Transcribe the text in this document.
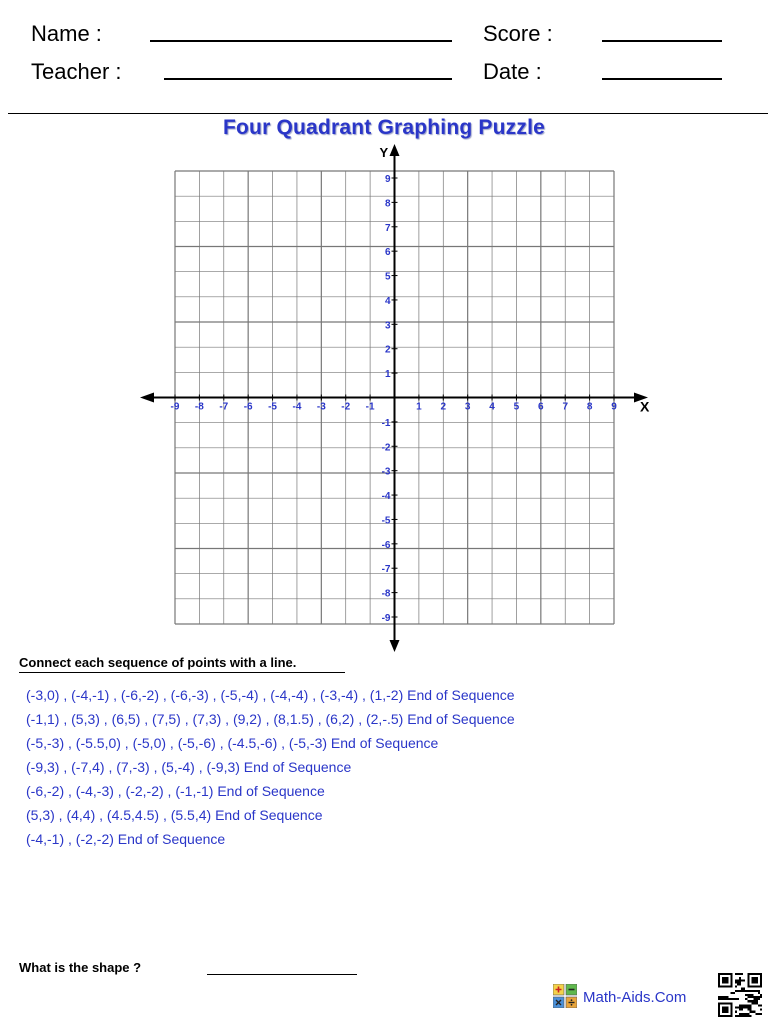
Name :
Teacher :
Score :
Date :
Four Quadrant Graphing Puzzle
-9 -8 -7 -6 -5 -4 -3 -2 -1	1 2 3 4 5 6 7 8 9
-9
-8
-7
-6
-5
-4
-3
-2
-1
1
2
3
4
5
6
7
8
9
X
Y
Connect each sequence of points with a line.
(-3,0) , (-4,-1) , (-6,-2) , (-6,-3) , (-5,-4) , (-4,-4) , (-3,-4) , (1,-2) End of Sequence
(-1,1) , (5,3) , (6,5) , (7,5) , (7,3) , (9,2) , (8,1.5) , (6,2) , (2,-.5) End of Sequence
(-5,-3) , (-5.5,0) , (-5,0) , (-5,-6) , (-4.5,-6) , (-5,-3) End of Sequence
(-9,3) , (-7,4) , (7,-3) , (5,-4) , (-9,3) End of Sequence
(-6,-2) , (-4,-3) , (-2,-2) , (-1,-1) End of Sequence
(5,3) , (4,4) , (4.5,4.5) , (5.5,4) End of Sequence
(-4,-1) , (-2,-2) End of Sequence
What is the shape ?
Math-Aids.Com
